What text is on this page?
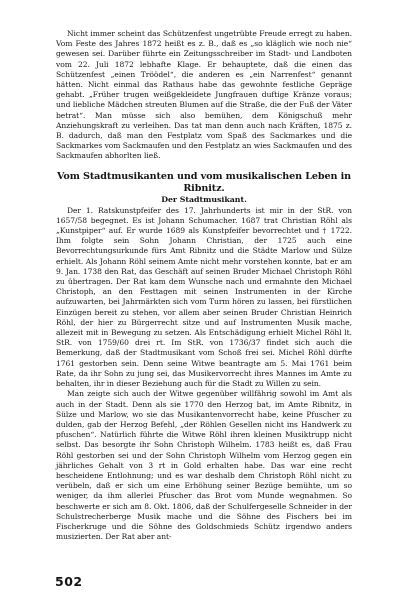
Nicht immer scheint das Schützenfest ungetrübte Freude erregt zu haben. Vom Feste des Jahres 1872 heißt es z. B., daß es „so kläglich wie noch nie“ gewesen sei. Darüber führte ein Zeitungsschreiber im Stadt- und Landboten vom 22. Juli 1872 lebhafte Klage. Er behauptete, daß die einen das Schützenfest „einen Tröödel“, die anderen es „ein Narrenfest“ genannt hätten. Nicht einmal das Rathaus habe das gewohnte festliche Gepräge gehabt. „Früher trugen weißgekleidete Jungfrauen duftige Kränze voraus; und liebliche Mädchen streuten Blumen auf die Straße, die der Fuß der Väter betrat“. Man müsse sich also bemühen, dem Königschuß mehr Anziehungskraft zu verleihen. Das tat man denn auch nach Kräften, 1875 z. B. dadurch, daß man den Festplatz vom Spaß des Sackmarkes und die Sackmarkes vom Sackmaufen und den Festplatz an wies Sackmaufen und des Sackmaufen abhorlten ließ.

Vom Stadtmusikanten und vom musikalischen Leben in Ribnitz.

Der Stadtmusikant.

Der 1. Ratskunstpfeifer des 17. Jahrhunderts ist mir in der StR. von 1657/58 begegnet. Es ist Johann Schumacher. 1687 trat Christian Röhl als „Kunstpiper“ auf. Er wurde 1689 als Kunstpfeifer bevorrechtet und † 1722. Ihm folgte sein Sohn Johann Christian, der 1725 auch eine Bevorrechtungsurkunde fürs Amt Ribnitz und die Städte Marlow und Sülze erhielt. Als Johann Röhl seinem Amte nicht mehr vorstehen konnte, bat er am 9. Jan. 1738 den Rat, das Geschäft auf seinen Bruder Michael Christoph Röhl zu übertragen. Der Rat kam dem Wunsche nach und ermahnte den Michael Christoph, an den Festtagen mit seinen Instrumenten in der Kirche aufzuwarten, bei Jahrmärkten sich vom Turm hören zu lassen, bei fürstlichen Einzügen bereit zu stehen, vor allem aber seinen Bruder Christian Heinrich Röhl, der hier zu Bürgerrecht sitze und auf Instrumenten Musik mache, allezeit mit in Bewegung zu setzen. Als Entschädigung erhielt Michel Röhl lt. StR. von 1759/60 drei rt. Im StR. von 1736/37 findet sich auch die Bemerkung, daß der Stadtmusikant vom Schoß frei sei. Michel Röhl dürfte 1761 gestorben sein. Denn seine Witwe beantragte am 5. Mai 1761 beim Rate, da ihr Sohn zu jung sei, das Musikervorrecht ihres Mannes im Amte zu behalten, ihr in dieser Beziehung auch für die Stadt zu Willen zu sein.

Man zeigte sich auch der Witwe gegenüber willfährig sowohl im Amt als auch in der Stadt. Denn als sie 1770 den Herzog bat, im Amte Ribnitz, in Sülze und Marlow, wo sie das Musikantenvorrecht habe, keine Pfuscher zu dulden, gab der Herzog Befehl, „der Röhlen Gesellen nicht ins Handwerk zu pfuschen“. Natürlich führte die Witwe Röhl ihren kleinen Musiktrupp nicht selbst. Das besorgte ihr Sohn Christoph Wilhelm. 1783 heißt es, daß Frau Röhl gestorben sei und der Sohn Christoph Wilhelm vom Herzog gegen ein jährliches Gehalt von 3 rt in Gold erhalten habe. Das war eine recht bescheidene Entlohnung; und es war deshalb dem Christoph Röhl nicht zu verübeln, daß er sich um eine Erhöhung seiner Bezüge bemühte, um so weniger, da ihm allerlei Pfuscher das Brot vom Munde wegnahmen. So beschwerte er sich am 8. Okt. 1806, daß der Schulfergeselle Schneider in der Schulstrecherberge Musik mache und die Söhne des Fischers bei im Fischerkruge und die Söhne des Goldschmieds Schütz irgendwo anders musizierten. Der Rat aber ant-

502
